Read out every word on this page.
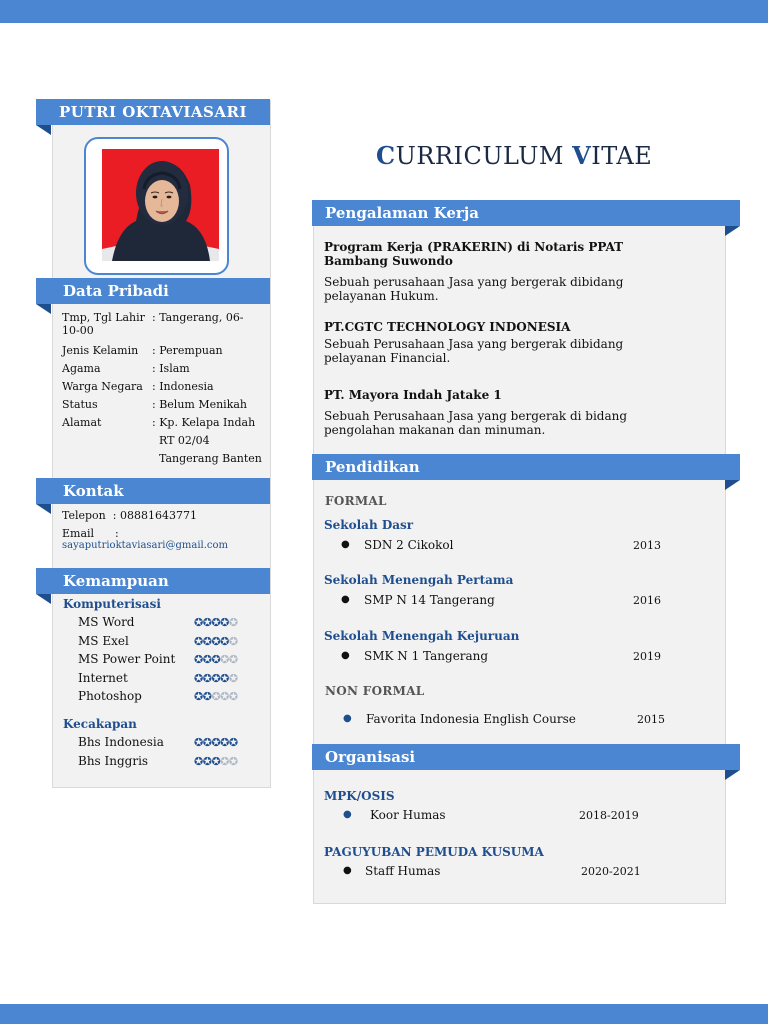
PUTRI OKTAVIASARI
Data Pribadi
Tmp, Tgl Lahir : Tangerang, 06-
10-00
Jenis Kelamin	: Perempuan
Agama	: Islam
Warga Negara : Indonesia
Status	: Belum Menikah
Alamat	: Kp. Kelapa Indah
RT 02/04
Tangerang Banten
Kontak
Telepon  : 08881643771
Email      :
sayaputrioktaviasari@gmail.com
Kemampuan
Komputerisasi
MS Word	✪✪✪✪✪
MS Exel	✪✪✪✪✪
MS Power Point ✪✪✪✪✪
Internet	✪✪✪✪✪
Photoshop	✪✪✪✪✪
Kecakapan
Bhs Indonesia	✪✪✪✪✪
Bhs Inggris	✪✪✪✪✪
CURRICULUM VITAE
Pengalaman Kerja
Program Kerja (PRAKERIN) di Notaris PPAT Bambang Suwondo
Sebuah perusahaan Jasa yang bergerak dibidang pelayanan Hukum.
PT.CGTC TECHNOLOGY INDONESIA
Sebuah Perusahaan Jasa yang bergerak dibidang pelayanan Financial.
PT. Mayora Indah Jatake 1
Sebuah Perusahaan Jasa yang bergerak di bidang pengolahan makanan dan minuman.
Pendidikan
FORMAL
Sekolah Dasr
● SDN 2 Cikokol	2013
Sekolah Menengah Pertama
● SMP N 14 Tangerang	2016
Sekolah Menengah Kejuruan
● SMK N 1 Tangerang	2019
NON FORMAL
● Favorita Indonesia English Course	2015
Organisasi
MPK/OSIS
● Koor Humas	2018-2019
PAGUYUBAN PEMUDA KUSUMA
● Staff Humas	2020-2021
